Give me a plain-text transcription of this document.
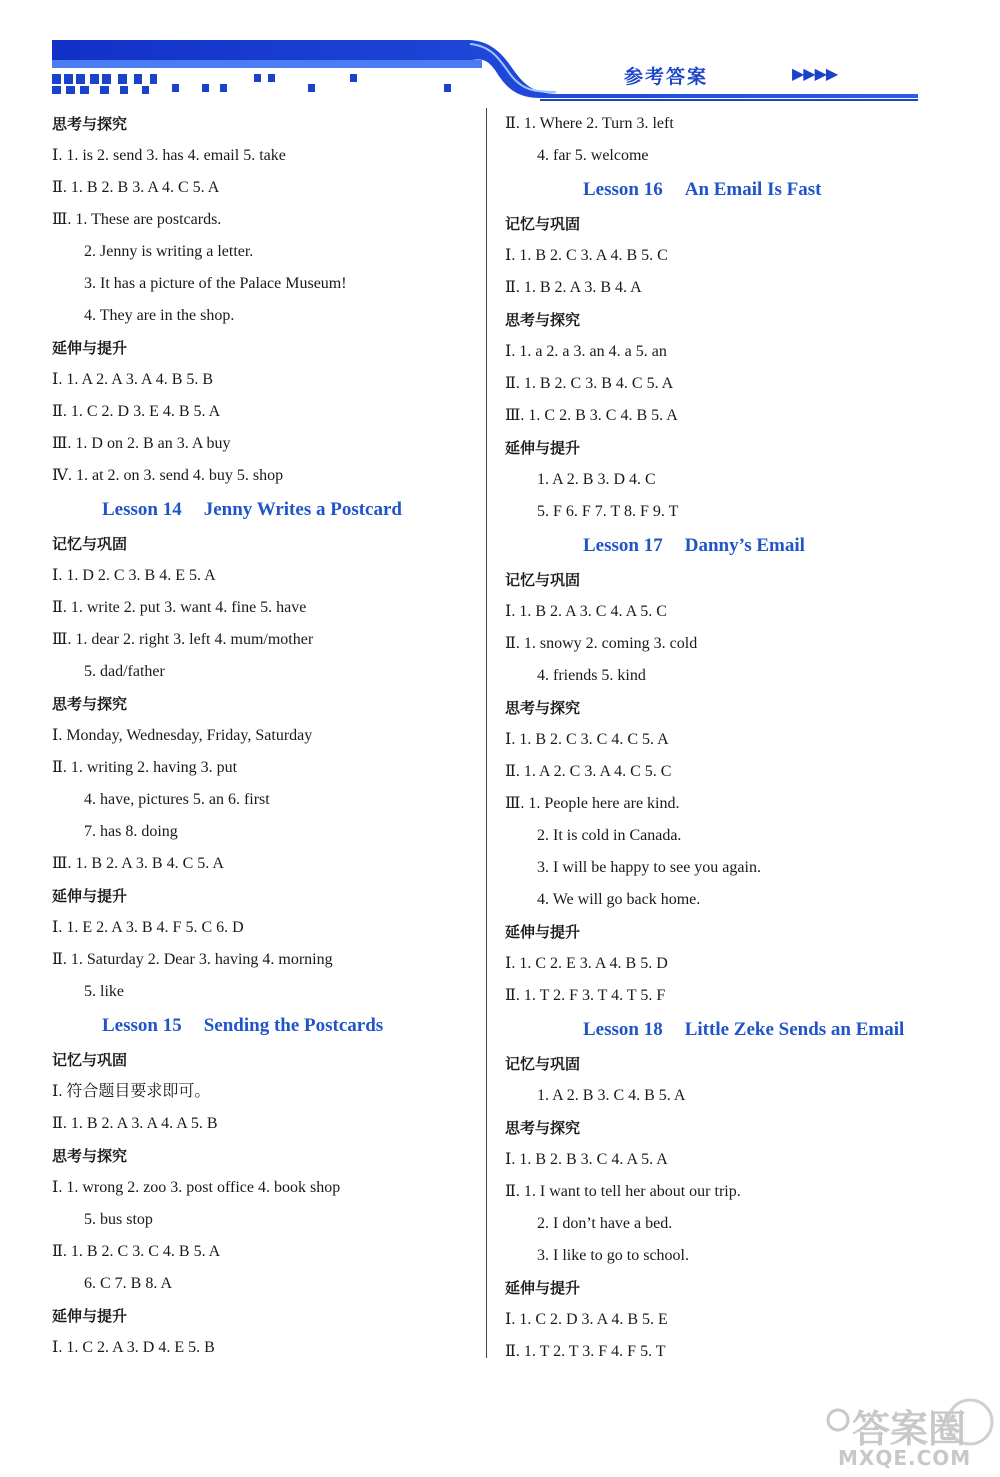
参考答案	▶▶▶▶
思考与探究
Ⅰ. 1. is 2. send 3. has 4. email 5. take
Ⅱ. 1. B 2. B 3. A 4. C 5. A
Ⅲ. 1. These are postcards.
2. Jenny is writing a letter.
3. It has a picture of the Palace Museum!
4. They are in the shop.
延伸与提升
Ⅰ. 1. A 2. A 3. A 4. B 5. B
Ⅱ. 1. C 2. D 3. E 4. B 5. A
Ⅲ. 1. D on 2. B an 3. A buy
Ⅳ. 1. at 2. on 3. send 4. buy 5. shop
Lesson 14 Jenny Writes a Postcard
记忆与巩固
Ⅰ. 1. D 2. C 3. B 4. E 5. A
Ⅱ. 1. write 2. put 3. want 4. fine 5. have
Ⅲ. 1. dear 2. right 3. left 4. mum/mother
5. dad/father
思考与探究
Ⅰ. Monday, Wednesday, Friday, Saturday
Ⅱ. 1. writing 2. having 3. put
4. have, pictures 5. an 6. first
7. has 8. doing
Ⅲ. 1. B 2. A 3. B 4. C 5. A
延伸与提升
Ⅰ. 1. E 2. A 3. B 4. F 5. C 6. D
Ⅱ. 1. Saturday 2. Dear 3. having 4. morning
5. like
Lesson 15 Sending the Postcards
记忆与巩固
Ⅰ. 符合题目要求即可。
Ⅱ. 1. B 2. A 3. A 4. A 5. B
思考与探究
Ⅰ. 1. wrong 2. zoo 3. post office 4. book shop
5. bus stop
Ⅱ. 1. B 2. C 3. C 4. B 5. A
6. C 7. B 8. A
延伸与提升
Ⅰ. 1. C 2. A 3. D 4. E 5. B
Ⅱ. 1. Where 2. Turn 3. left
4. far 5. welcome
Lesson 16 An Email Is Fast
记忆与巩固
Ⅰ. 1. B 2. C 3. A 4. B 5. C
Ⅱ. 1. B 2. A 3. B 4. A
思考与探究
Ⅰ. 1. a 2. a 3. an 4. a 5. an
Ⅱ. 1. B 2. C 3. B 4. C 5. A
Ⅲ. 1. C 2. B 3. C 4. B 5. A
延伸与提升
1. A 2. B 3. D 4. C
5. F 6. F 7. T 8. F 9. T
Lesson 17 Danny’s Email
记忆与巩固
Ⅰ. 1. B 2. A 3. C 4. A 5. C
Ⅱ. 1. snowy 2. coming 3. cold
4. friends 5. kind
思考与探究
Ⅰ. 1. B 2. C 3. C 4. C 5. A
Ⅱ. 1. A 2. C 3. A 4. C 5. C
Ⅲ. 1. People here are kind.
2. It is cold in Canada.
3. I will be happy to see you again.
4. We will go back home.
延伸与提升
Ⅰ. 1. C 2. E 3. A 4. B 5. D
Ⅱ. 1. T 2. F 3. T 4. T 5. F
Lesson 18 Little Zeke Sends an Email
记忆与巩固
1. A 2. B 3. C 4. B 5. A
思考与探究
Ⅰ. 1. B 2. B 3. C 4. A 5. A
Ⅱ. 1. I want to tell her about our trip.
2. I don’t have a bed.
3. I like to go to school.
延伸与提升
Ⅰ. 1. C 2. D 3. A 4. B 5. E
Ⅱ. 1. T 2. T 3. F 4. F 5. T
答案圈
MXQE.COM
